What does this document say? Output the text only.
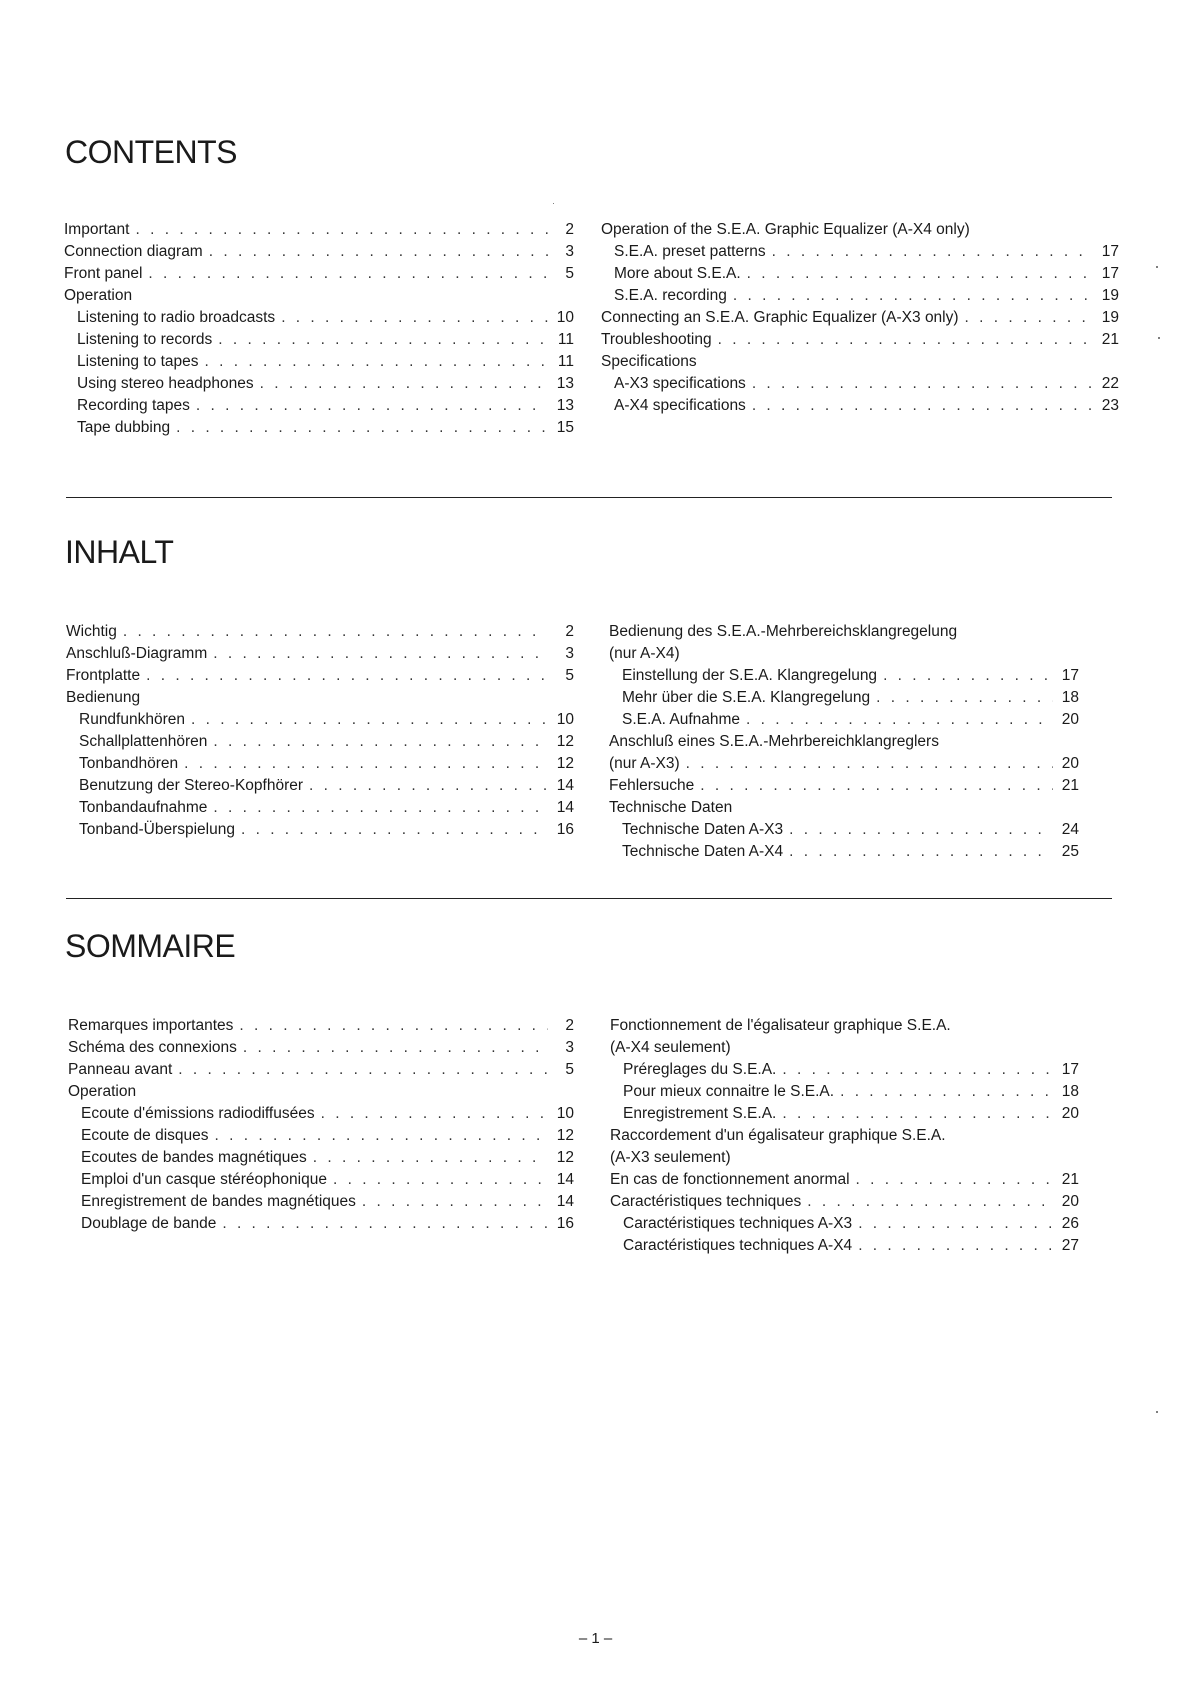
CONTENTS
Important . . .	2
Connection diagram . . .	3
Front panel . . .	5
Operation
Listening to radio broadcasts . . .	10
Listening to records . . .	11
Listening to tapes . . .	11
Using stereo headphones . . .	13
Recording tapes . . .	13
Tape dubbing . . .	15
Operation of the S.E.A. Graphic Equalizer (A-X4 only)
S.E.A. preset patterns . . .	17
More about S.E.A. . . .	17
S.E.A. recording . . .	19
Connecting an S.E.A. Graphic Equalizer (A-X3 only) . . .	19
Troubleshooting . . .	21
Specifications
A-X3 specifications . . .	22
A-X4 specifications . . .	23
INHALT
Wichtig . . .	2
Anschluß-Diagramm . . .	3
Frontplatte . . .	5
Bedienung
Rundfunkhören . . .	10
Schallplattenhören . . .	12
Tonbandhören . . .	12
Benutzung der Stereo-Kopfhörer . . .	14
Tonbandaufnahme . . .	14
Tonband-Überspielung . . .	16
Bedienung des S.E.A.-Mehrbereichsklangregelung
(nur A-X4)
Einstellung der S.E.A. Klangregelung . . .	17
Mehr über die S.E.A. Klangregelung . . .	18
S.E.A. Aufnahme . . .	20
Anschluß eines S.E.A.-Mehrbereichklangreglers
(nur A-X3) . . .	20
Fehlersuche . . .	21
Technische Daten
Technische Daten A-X3 . . .	24
Technische Daten A-X4 . . .	25
SOMMAIRE
Remarques importantes . . .	2
Schéma des connexions . . .	3
Panneau avant . . .	5
Operation
Ecoute d'émissions radiodiffusées . . .	10
Ecoute de disques . . .	12
Ecoutes de bandes magnétiques . . .	12
Emploi d'un casque stéréophonique . . .	14
Enregistrement de bandes magnétiques . . .	14
Doublage de bande . . .	16
Fonctionnement de l'égalisateur graphique S.E.A.
(A-X4 seulement)
Préreglages du S.E.A. . . .	17
Pour mieux connaitre le S.E.A. . . .	18
Enregistrement S.E.A. . . .	20
Raccordement d'un égalisateur graphique S.E.A.
(A-X3 seulement)
En cas de fonctionnement anormal . . .	21
Caractéristiques techniques . . .	20
Caractéristiques techniques A-X3 . . .	26
Caractéristiques techniques A-X4 . . .	27
– 1 –
